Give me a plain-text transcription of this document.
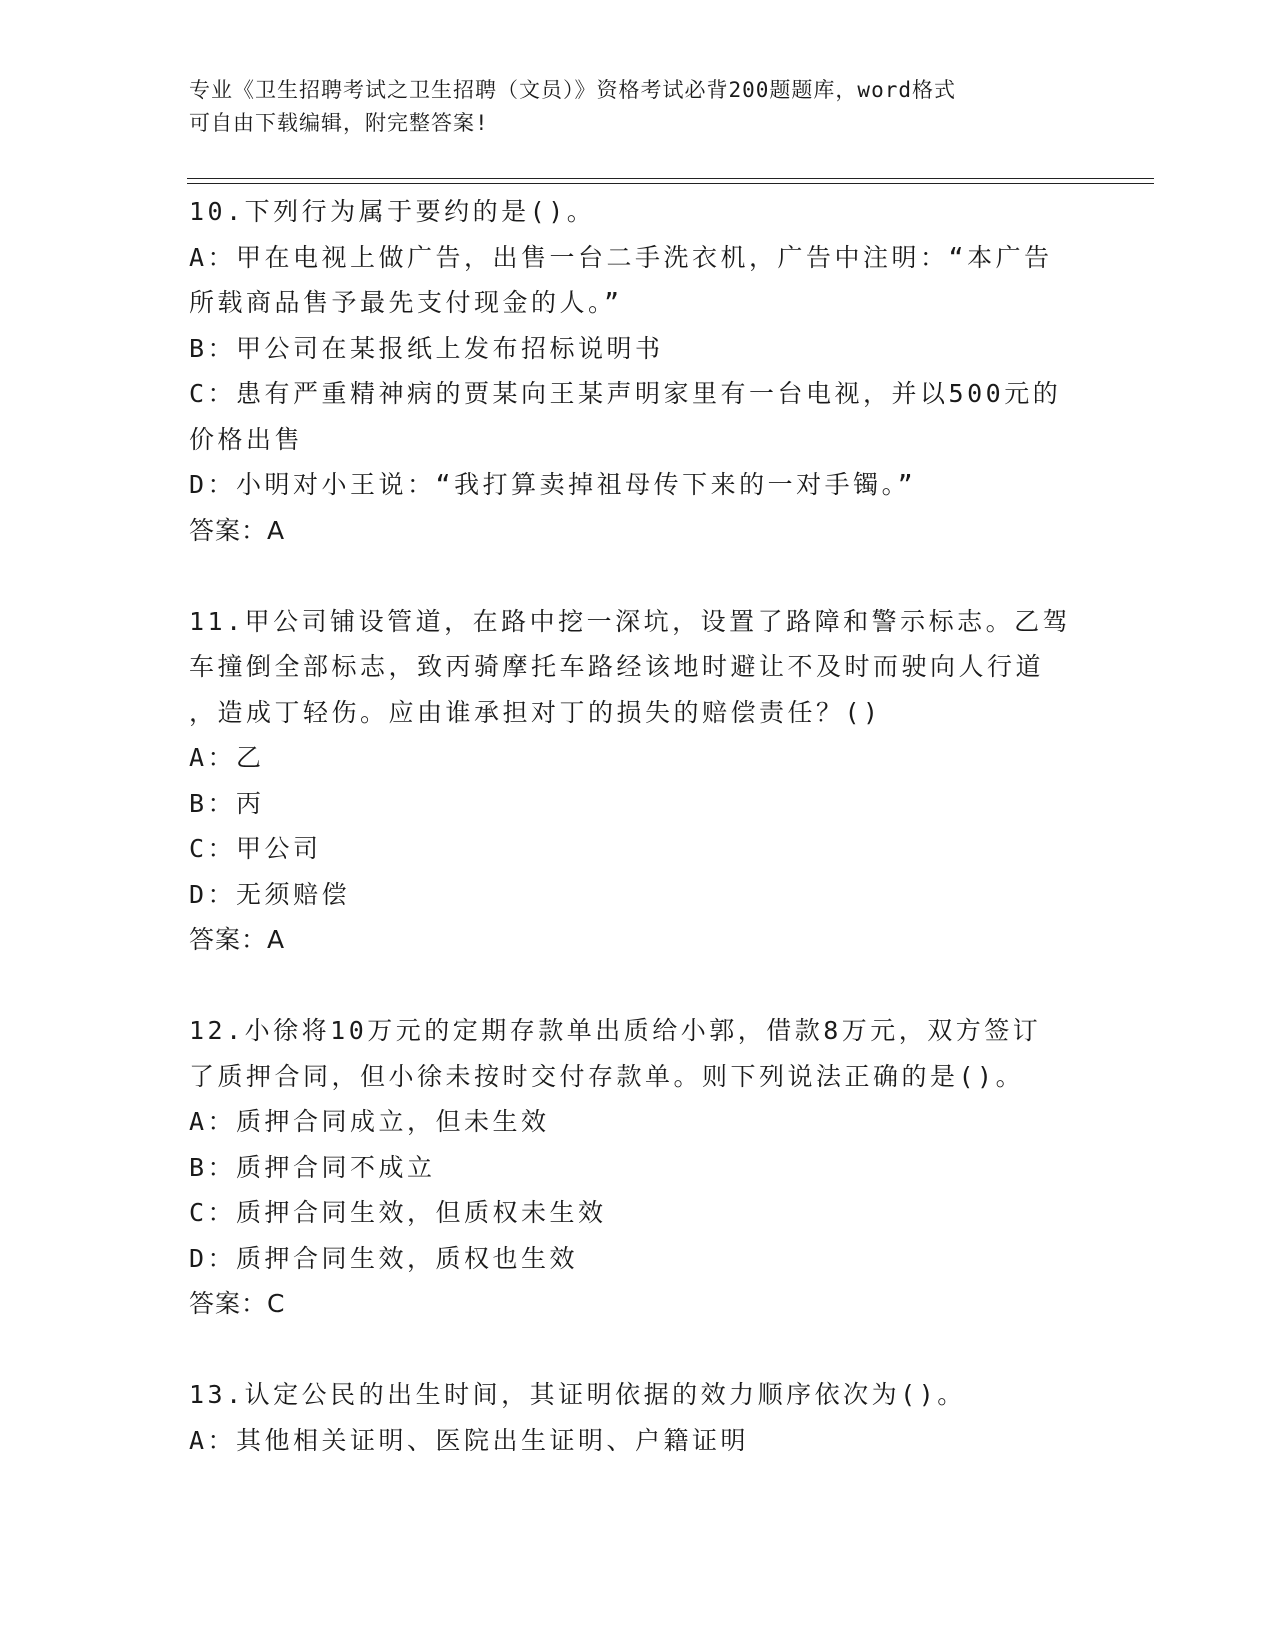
专业《卫生招聘考试之卫生招聘（文员）》资格考试必背200题题库，word格式
可自由下载编辑，附完整答案!
10.下列行为属于要约的是()。
A：甲在电视上做广告，出售一台二手洗衣机，广告中注明：“本广告
所载商品售予最先支付现金的人。”
B：甲公司在某报纸上发布招标说明书
C：患有严重精神病的贾某向王某声明家里有一台电视，并以500元的
价格出售
D：小明对小王说：“我打算卖掉祖母传下来的一对手镯。”
答案：A
11.甲公司铺设管道，在路中挖一深坑，设置了路障和警示标志。乙驾
车撞倒全部标志，致丙骑摩托车路经该地时避让不及时而驶向人行道
，造成丁轻伤。应由谁承担对丁的损失的赔偿责任？()
A：乙
B：丙
C：甲公司
D：无须赔偿
答案：A
12.小徐将10万元的定期存款单出质给小郭，借款8万元，双方签订
了质押合同，但小徐未按时交付存款单。则下列说法正确的是()。
A：质押合同成立，但未生效
B：质押合同不成立
C：质押合同生效，但质权未生效
D：质押合同生效，质权也生效
答案：C
13.认定公民的出生时间，其证明依据的效力顺序依次为()。
A：其他相关证明、医院出生证明、户籍证明
